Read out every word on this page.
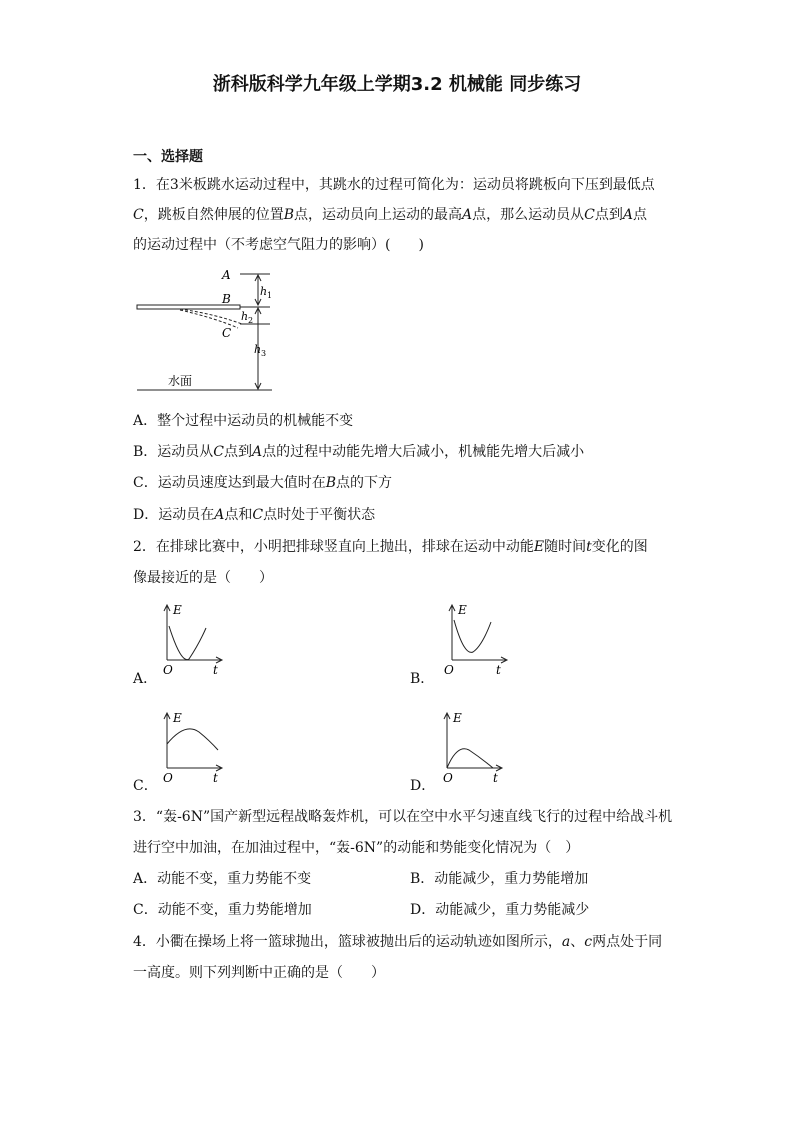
浙科版科学九年级上学期3.2 机械能 同步练习
一、选择题
1．在3米板跳水运动过程中，其跳水的过程可简化为：运动员将跳板向下压到最低点
C，跳板自然伸展的位置B点，运动员向上运动的最高A点，那么运动员从C点到A点
的运动过程中（不考虑空气阻力的影响）(　　)
A
B
C
h 1
h 2
h 3
水面
A．整个过程中运动员的机械能不变
B．运动员从C点到A点的过程中动能先增大后减小，机械能先增大后减小
C．运动员速度达到最大值时在B点的下方
D．运动员在A点和C点时处于平衡状态
2．在排球比赛中，小明把排球竖直向上抛出，排球在运动中动能E随时间t变化的图
像最接近的是（　　）
A．
E
O	t
B．
E
O	t
C．
E
O	t	D．
E
O	t
3．“轰-6N”国产新型远程战略轰炸机，可以在空中水平匀速直线飞行的过程中给战斗机
进行空中加油，在加油过程中，“轰-6N”的动能和势能变化情况为（　）
A．动能不变，重力势能不变	B．动能减少，重力势能增加
C．动能不变，重力势能增加	D．动能减少，重力势能减少
4．小衢在操场上将一篮球抛出，篮球被抛出后的运动轨迹如图所示，a、c两点处于同
一高度。则下列判断中正确的是（　　）
